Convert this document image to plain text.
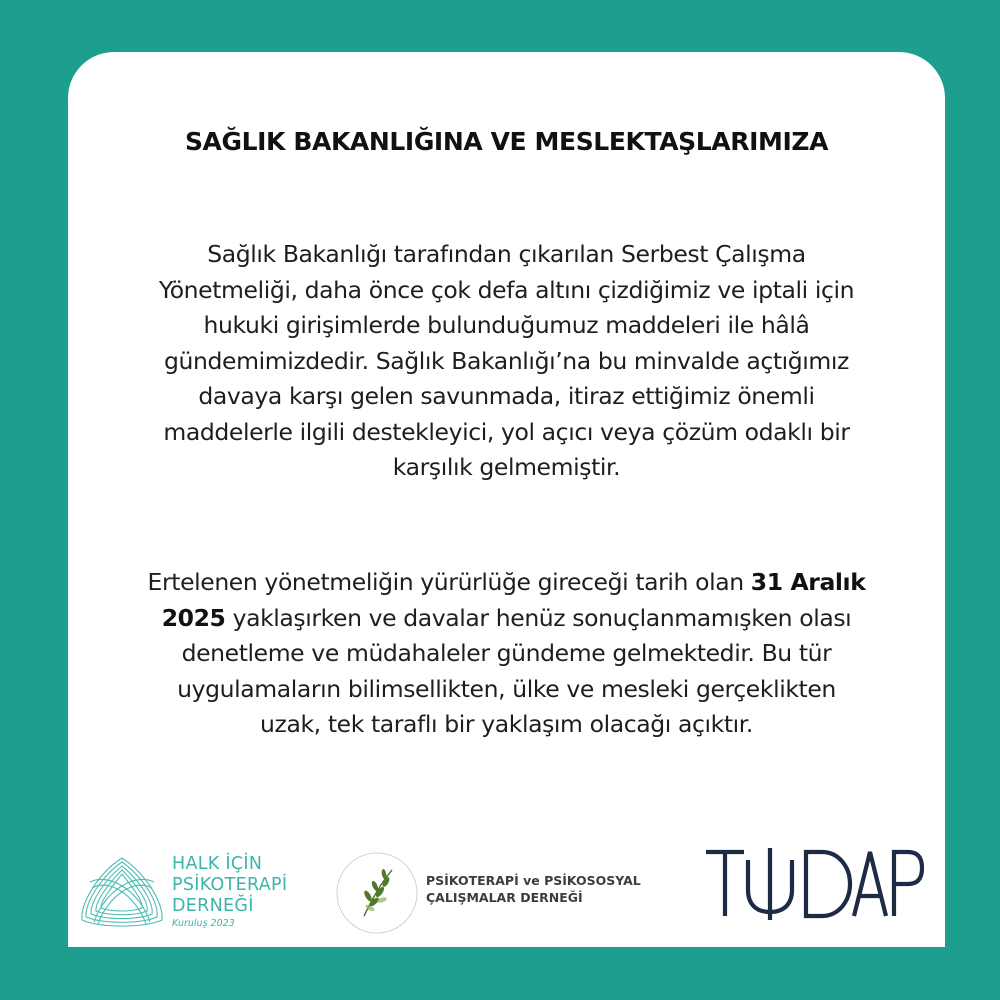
SAĞLIK BAKANLIĞINA VE MESLEKTAŞLARIMIZA

Sağlık Bakanlığı tarafından çıkarılan Serbest Çalışma
Yönetmeliği, daha önce çok defa altını çizdiğimiz ve iptali için
hukuki girişimlerde bulunduğumuz maddeleri ile hâlâ
gündemimizdedir. Sağlık Bakanlığı’na bu minvalde açtığımız
davaya karşı gelen savunmada, itiraz ettiğimiz önemli
maddelerle ilgili destekleyici, yol açıcı veya çözüm odaklı bir
karşılık gelmemiştir.

Ertelenen yönetmeliğin yürürlüğe gireceği tarih olan 31 Aralık
2025 yaklaşırken ve davalar henüz sonuçlanmamışken olası
denetleme ve müdahaleler gündeme gelmektedir. Bu tür
uygulamaların bilimsellikten, ülke ve mesleki gerçeklikten
uzak, tek taraflı bir yaklaşım olacağı açıktır.

HALK İÇİN
PSİKOTERAPİ
DERNEĞİ
Kuruluş 2023
PSİKOTERAPİ ve PSİKOSOSYAL
ÇALIŞMALAR DERNEĞİ
